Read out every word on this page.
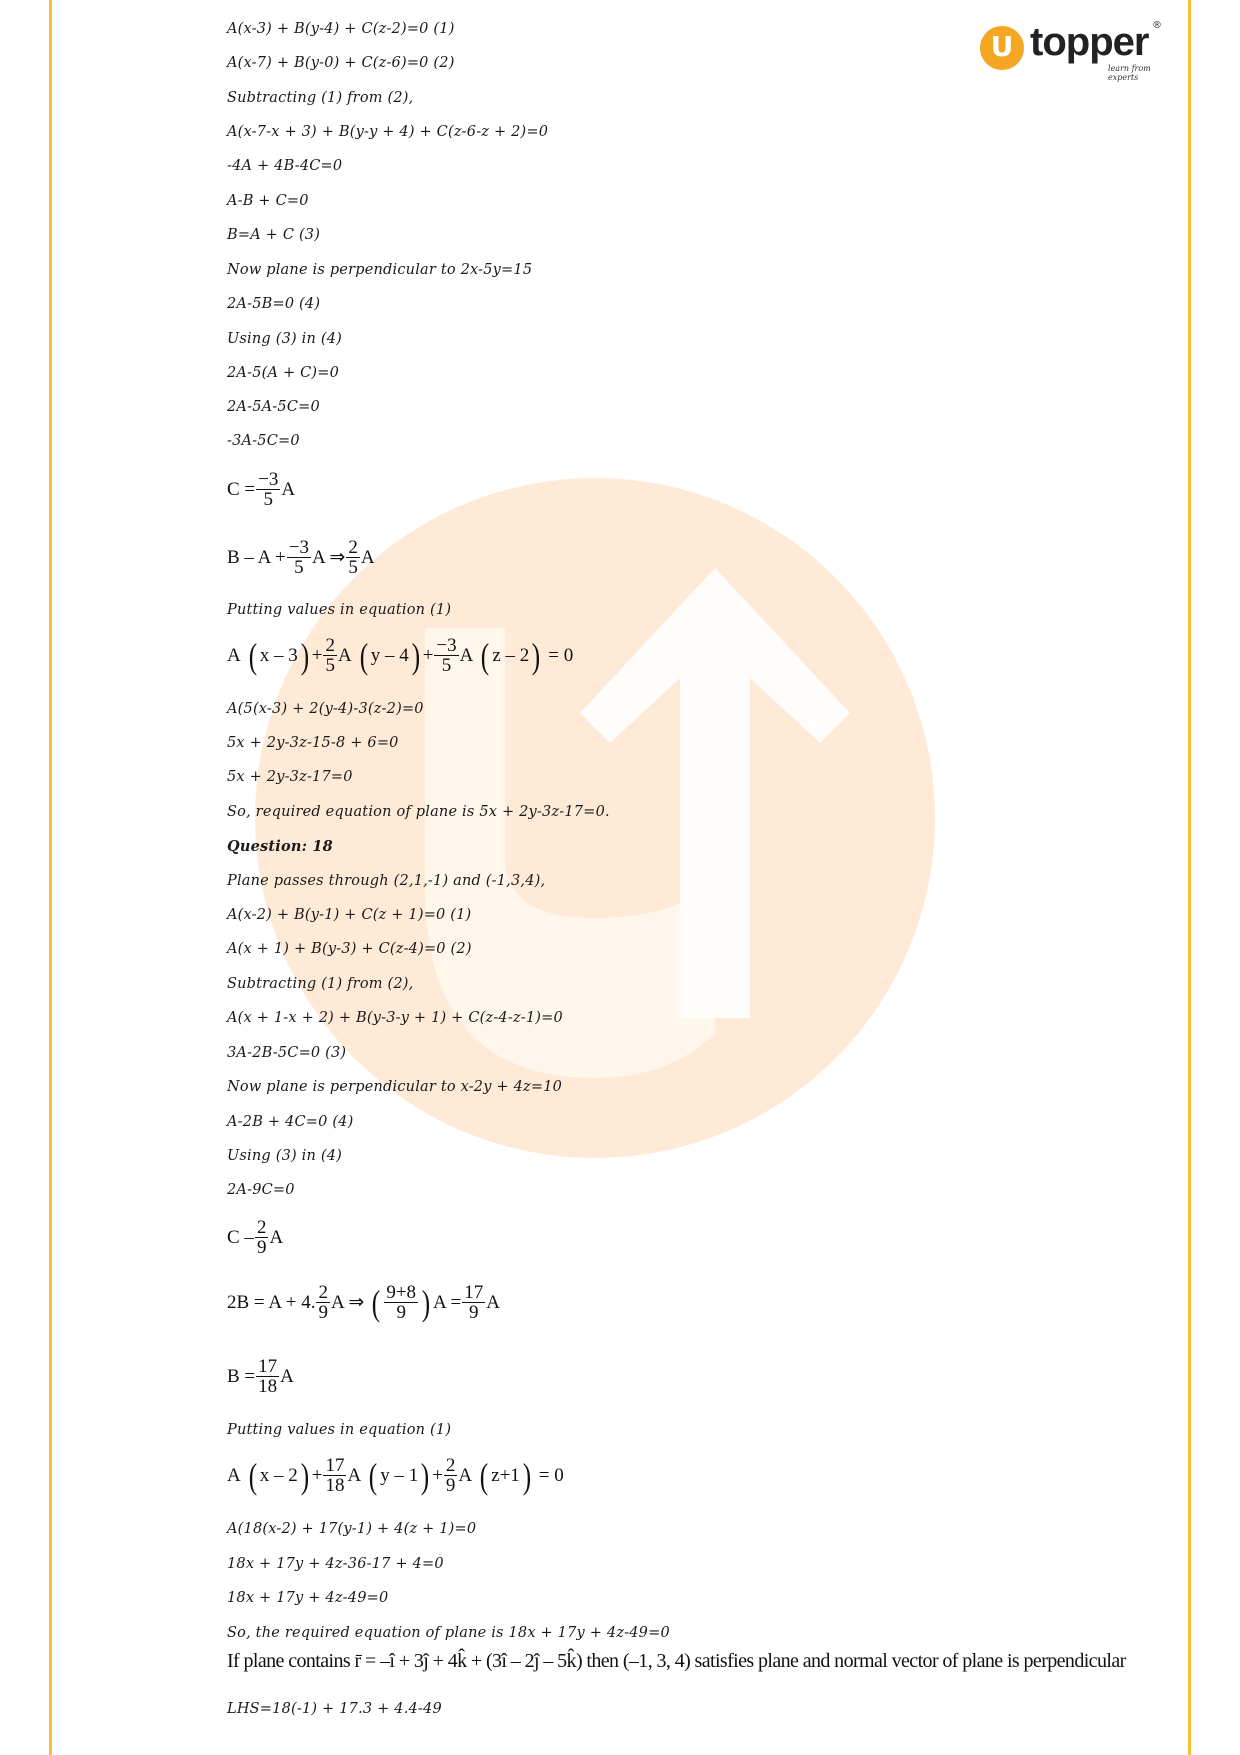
U topper ®
learn from experts
A(x-3) + B(y-4) + C(z-2)=0 (1)
A(x-7) + B(y-0) + C(z-6)=0 (2)
Subtracting (1) from (2),
A(x-7-x + 3) + B(y-y + 4) + C(z-6-z + 2)=0
-4A + 4B-4C=0
A-B + C=0
B=A + C (3)
Now plane is perpendicular to 2x-5y=15
2A-5B=0 (4)
Using (3) in (4)
2A-5(A + C)=0
2A-5A-5C=0
-3A-5C=0
$C = \frac{-3}{5}$ A
$B - A + \frac{-3}{5}$ A ⇒ $\frac{2}{5}$ A
Putting values in equation (1)
A ( x – 3 ) + $\frac{2}{5}$ A ( y – 4 ) + $\frac{-3}{5}$ A ( z – 2 ) = 0
A(5(x-3) + 2(y-4)-3(z-2)=0
5x + 2y-3z-15-8 + 6=0
5x + 2y-3z-17=0
So, required equation of plane is 5x + 2y-3z-17=0.
Question: 18
Plane passes through (2,1,-1) and (-1,3,4),
A(x-2) + B(y-1) + C(z + 1)=0 (1)
A(x + 1) + B(y-3) + C(z-4)=0 (2)
Subtracting (1) from (2),
A(x + 1-x + 2) + B(y-3-y + 1) + C(z-4-z-1)=0
3A-2B-5C=0 (3)
Now plane is perpendicular to x-2y + 4z=10
A-2B + 4C=0 (4)
Using (3) in (4)
2A-9C=0
C – $\frac{2}{9}$ A
2B = A + 4. $\frac{2}{9}$ A ⇒ ( $\frac{9+8}{9}$ ) $A = \frac{17}{9}$ A
$B = \frac{17}{18}$ A
Putting values in equation (1)
A ( x – 2 ) + $\frac{17}{18}$ A ( y – 1 ) + $\frac{2}{9}$ A ( z+1 ) = 0
A(18(x-2) + 17(y-1) + 4(z + 1)=0
18x + 17y + 4z-36-17 + 4=0
18x + 17y + 4z-49=0
So, the required equation of plane is 18x + 17y + 4z-49=0
If plane contains r̄ = –î + 3ĵ + 4k̂ + (3î – 2ĵ – 5k̂) then (–1, 3, 4) satisfies plane and normal vector of plane is perpendicular
LHS=18(-1) + 17.3 + 4.4-49
